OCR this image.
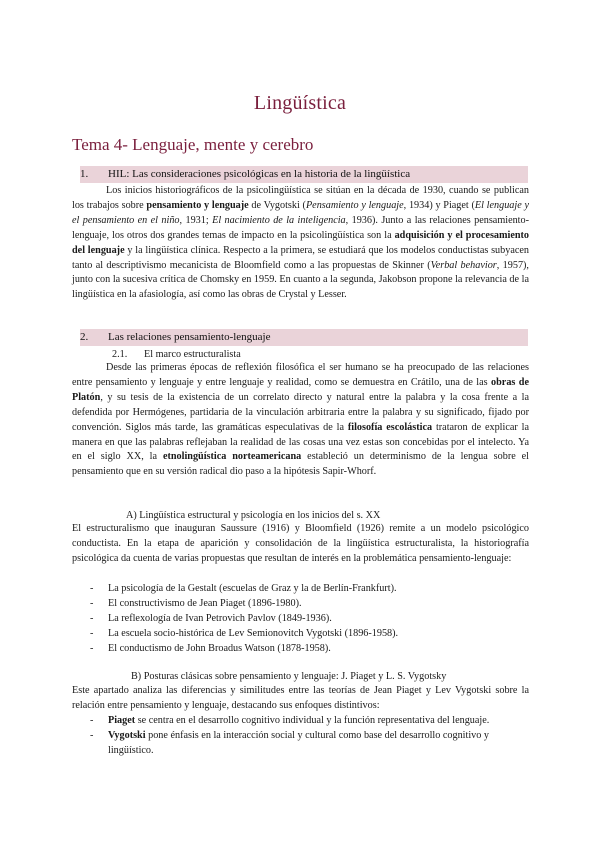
Lingüística
Tema 4- Lenguaje, mente y cerebro
1. HIL: Las consideraciones psicológicas en la historia de la lingüística

Los inicios historiográficos de la psicolingüística se sitúan en la década de 1930, cuando se publican los trabajos sobre pensamiento y lenguaje de Vygotski (Pensamiento y lenguaje, 1934) y Piaget (El lenguaje y el pensamiento en el niño, 1931; El nacimiento de la inteligencia, 1936). Junto a las relaciones pensamiento-lenguaje, los otros dos grandes temas de impacto en la psicolingüística son la adquisición y el procesamiento del lenguaje y la lingüística clínica. Respecto a la primera, se estudiará que los modelos conductistas subyacen tanto al descriptivismo mecanicista de Bloomfield como a las propuestas de Skinner (Verbal behavior, 1957), junto con la sucesiva crítica de Chomsky en 1959. En cuanto a la segunda, Jakobson propone la relevancia de la lingüística en la afasiología, así como las obras de Crystal y Lesser.

2. Las relaciones pensamiento-lenguaje
2.1. El marco estructuralista

Desde las primeras épocas de reflexión filosófica el ser humano se ha preocupado de las relaciones entre pensamiento y lenguaje y entre lenguaje y realidad, como se demuestra en Crátilo, una de las obras de Platón, y su tesis de la existencia de un correlato directo y natural entre la palabra y la cosa frente a la defendida por Hermógenes, partidaria de la vinculación arbitraria entre la palabra y su significado, fijado por convención. Siglos más tarde, las gramáticas especulativas de la filosofía escolástica trataron de explicar la manera en que las palabras reflejaban la realidad de las cosas una vez estas son concebidas por el intelecto. Ya en el siglo XX, la etnolingüística norteamericana estableció un determinismo de la lengua sobre el pensamiento que en su versión radical dio paso a la hipótesis Sapir-Whorf.

A) Lingüística estructural y psicología en los inicios del s. XX

El estructuralismo que inauguran Saussure (1916) y Bloomfield (1926) remite a un modelo psicológico conductista. En la etapa de aparición y consolidación de la lingüística estructuralista, la historiografía psicológica da cuenta de varias propuestas que resultan de interés en la problemática pensamiento-lenguaje:

- La psicología de la Gestalt (escuelas de Graz y la de Berlín-Frankfurt).
- El constructivismo de Jean Piaget (1896-1980).
- La reflexología de Ivan Petrovich Pavlov (1849-1936).
- La escuela socio-histórica de Lev Semionovitch Vygotski (1896-1958).
- El conductismo de John Broadus Watson (1878-1958).
B) Posturas clásicas sobre pensamiento y lenguaje: J. Piaget y L. S. Vygotsky

Este apartado analiza las diferencias y similitudes entre las teorías de Jean Piaget y Lev Vygotski sobre la relación entre pensamiento y lenguaje, destacando sus enfoques distintivos:

- Piaget se centra en el desarrollo cognitivo individual y la función representativa del lenguaje.
- Vygotski pone énfasis en la interacción social y cultural como base del desarrollo cognitivo y lingüístico.
